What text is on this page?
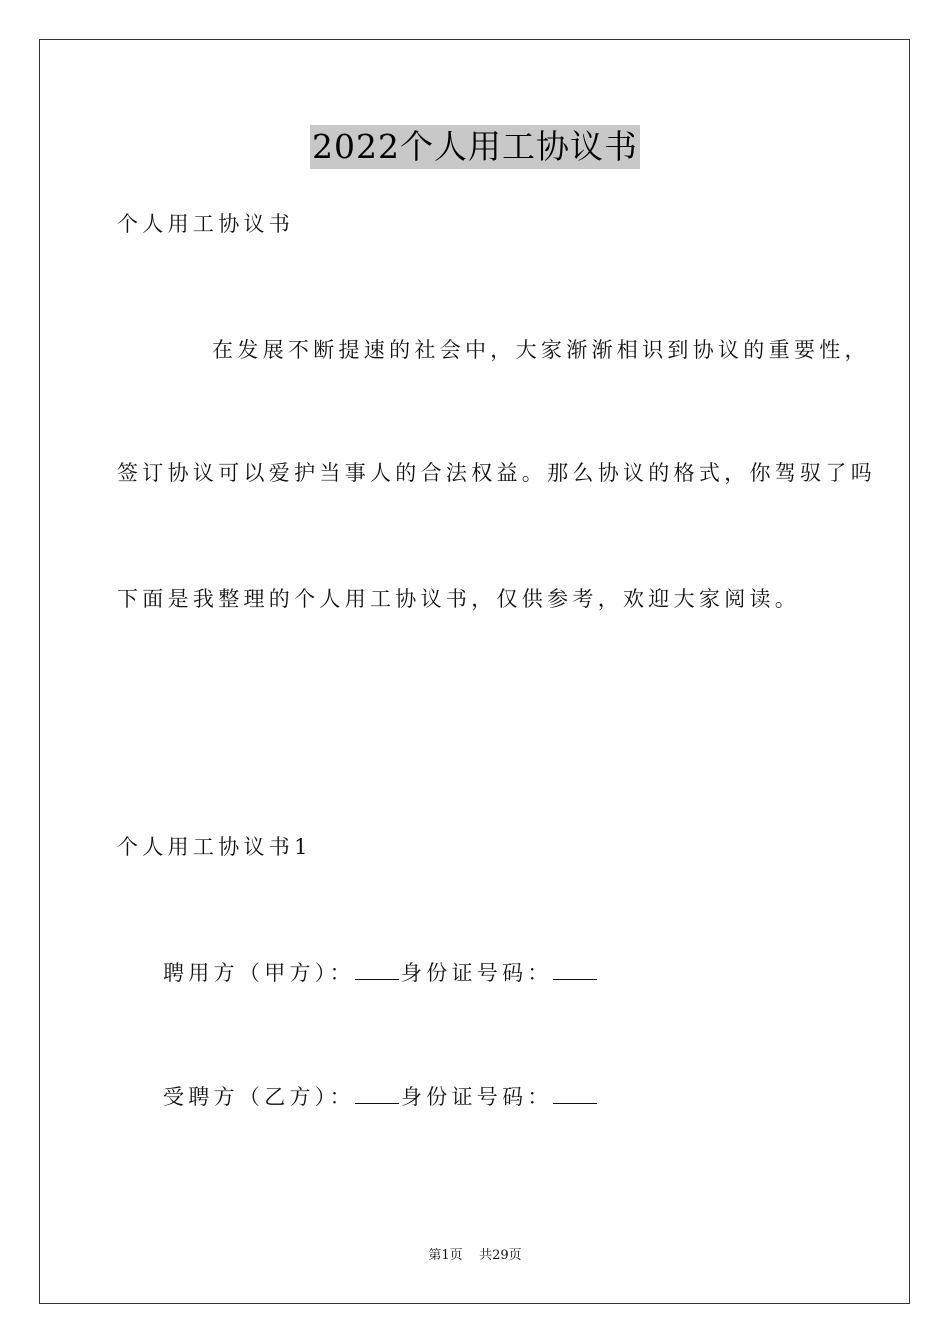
2022个人用工协议书
个人用工协议书
在发展不断提速的社会中，大家渐渐相识到协议的重要性，
签订协议可以爱护当事人的合法权益。那么协议的格式，你驾驭了吗
下面是我整理的个人用工协议书，仅供参考，欢迎大家阅读。
个人用工协议书1
聘用方（甲方）： 身份证号码：
受聘方（乙方）： 身份证号码：
第1页 共29页
